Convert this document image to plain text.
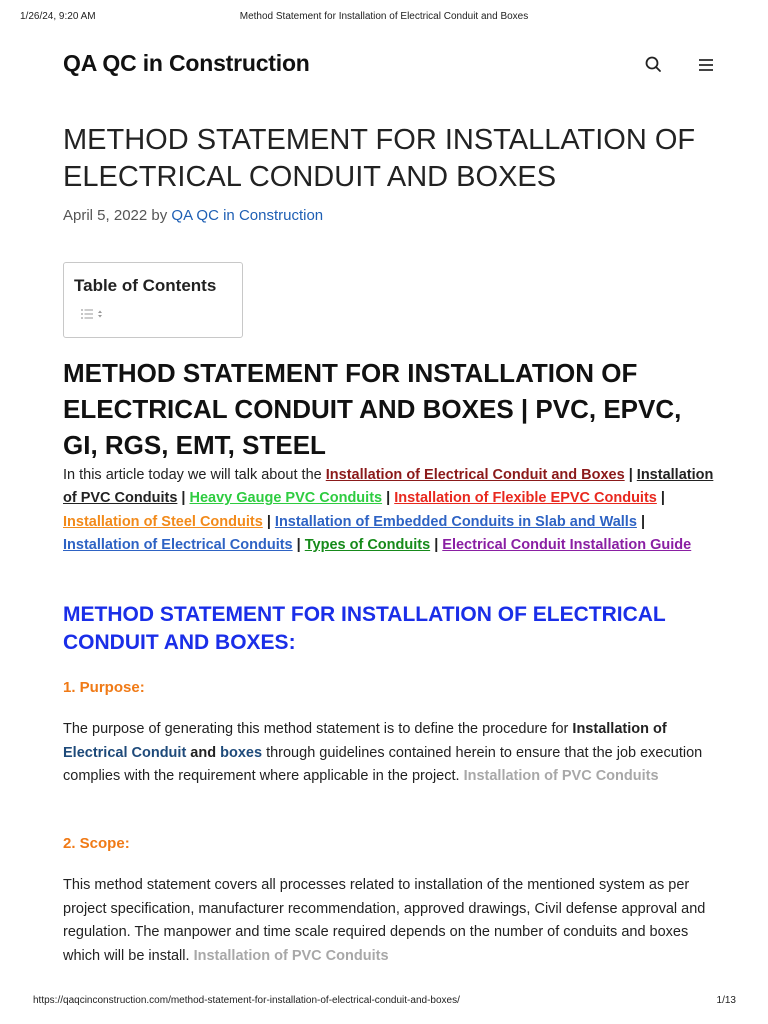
1/26/24, 9:20 AM	Method Statement for Installation of Electrical Conduit and Boxes
QA QC in Construction
METHOD STATEMENT FOR INSTALLATION OF ELECTRICAL CONDUIT AND BOXES
April 5, 2022 by QA QC in Construction
Table of Contents
METHOD STATEMENT FOR INSTALLATION OF ELECTRICAL CONDUIT AND BOXES | PVC, EPVC, GI, RGS, EMT, STEEL

In this article today we will talk about the Installation of Electrical Conduit and Boxes | Installation of PVC Conduits | Heavy Gauge PVC Conduits | Installation of Flexible EPVC Conduits | Installation of Steel Conduits | Installation of Embedded Conduits in Slab and Walls | Installation of Electrical Conduits | Types of Conduits | Electrical Conduit Installation Guide

METHOD STATEMENT FOR INSTALLATION OF ELECTRICAL CONDUIT AND BOXES:
1. Purpose:

The purpose of generating this method statement is to define the procedure for Installation of Electrical Conduit and boxes through guidelines contained herein to ensure that the job execution complies with the requirement where applicable in the project. Installation of PVC Conduits

2. Scope:

This method statement covers all processes related to installation of the mentioned system as per project specification, manufacturer recommendation, approved drawings, Civil defense approval and regulation. The manpower and time scale required depends on the number of conduits and boxes which will be install. Installation of PVC Conduits

https://qaqcinconstruction.com/method-statement-for-installation-of-electrical-conduit-and-boxes/	1/13
